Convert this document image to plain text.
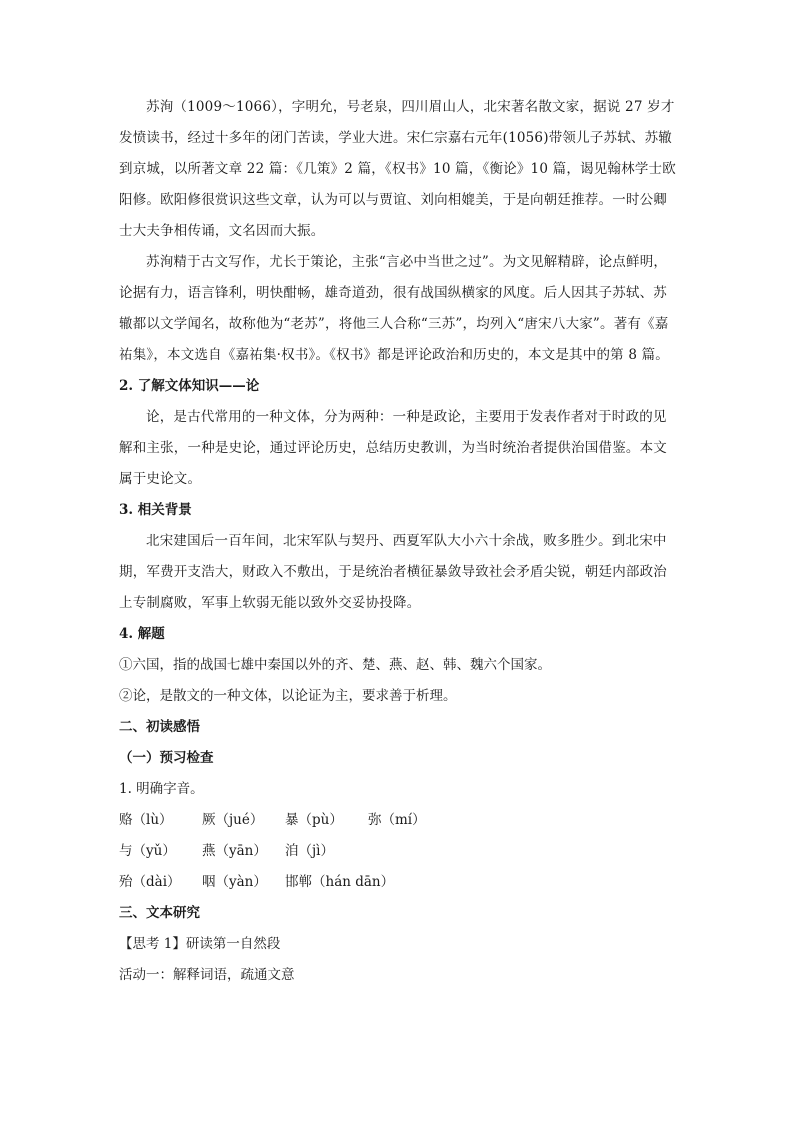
苏洵（1009～1066），字明允，号老泉，四川眉山人，北宋著名散文家，据说 27 岁才发愤读书，经过十多年的闭门苦读，学业大进。宋仁宗嘉右元年(1056)带领儿子苏轼、苏辙到京城，以所著文章 22 篇：《几策》2 篇，《权书》10 篇，《衡论》10 篇，谒见翰林学士欧阳修。欧阳修很赏识这些文章，认为可以与贾谊、刘向相媲美，于是向朝廷推荐。一时公卿士大夫争相传诵，文名因而大振。

苏洵精于古文写作，尤长于策论，主张“言必中当世之过”。为文见解精辟，论点鲜明，论据有力，语言锋利，明快酣畅，雄奇道劲，很有战国纵横家的风度。后人因其子苏轼、苏辙都以文学闻名，故称他为“老苏”，将他三人合称“三苏”，均列入“唐宋八大家”。著有《嘉祐集》，本文选自《嘉祐集·权书》。《权书》都是评论政治和历史的，本文是其中的第 8 篇。

2. 了解文体知识——论

论，是古代常用的一种文体，分为两种：一种是政论，主要用于发表作者对于时政的见解和主张，一种是史论，通过评论历史，总结历史教训，为当时统治者提供治国借鉴。本文属于史论文。

3. 相关背景

北宋建国后一百年间，北宋军队与契丹、西夏军队大小六十余战，败多胜少。到北宋中期，军费开支浩大，财政入不敷出，于是统治者横征暴敛导致社会矛盾尖锐，朝廷内部政治上专制腐败，军事上软弱无能以致外交妥协投降。

4. 解题

①六国，指的战国七雄中秦国以外的齐、楚、燕、赵、韩、魏六个国家。

②论，是散文的一种文体，以论证为主，要求善于析理。

二、初读感悟

（一）预习检查

1. 明确字音。

赂（lù）	厥（jué）	暴（pù）	弥（mí）
与（yǔ）	燕（yān）	洎（jì）
殆（dài）	咽（yàn）	邯郸（hán dān）

三、文本研究

【思考 1】研读第一自然段

活动一：解释词语，疏通文意
